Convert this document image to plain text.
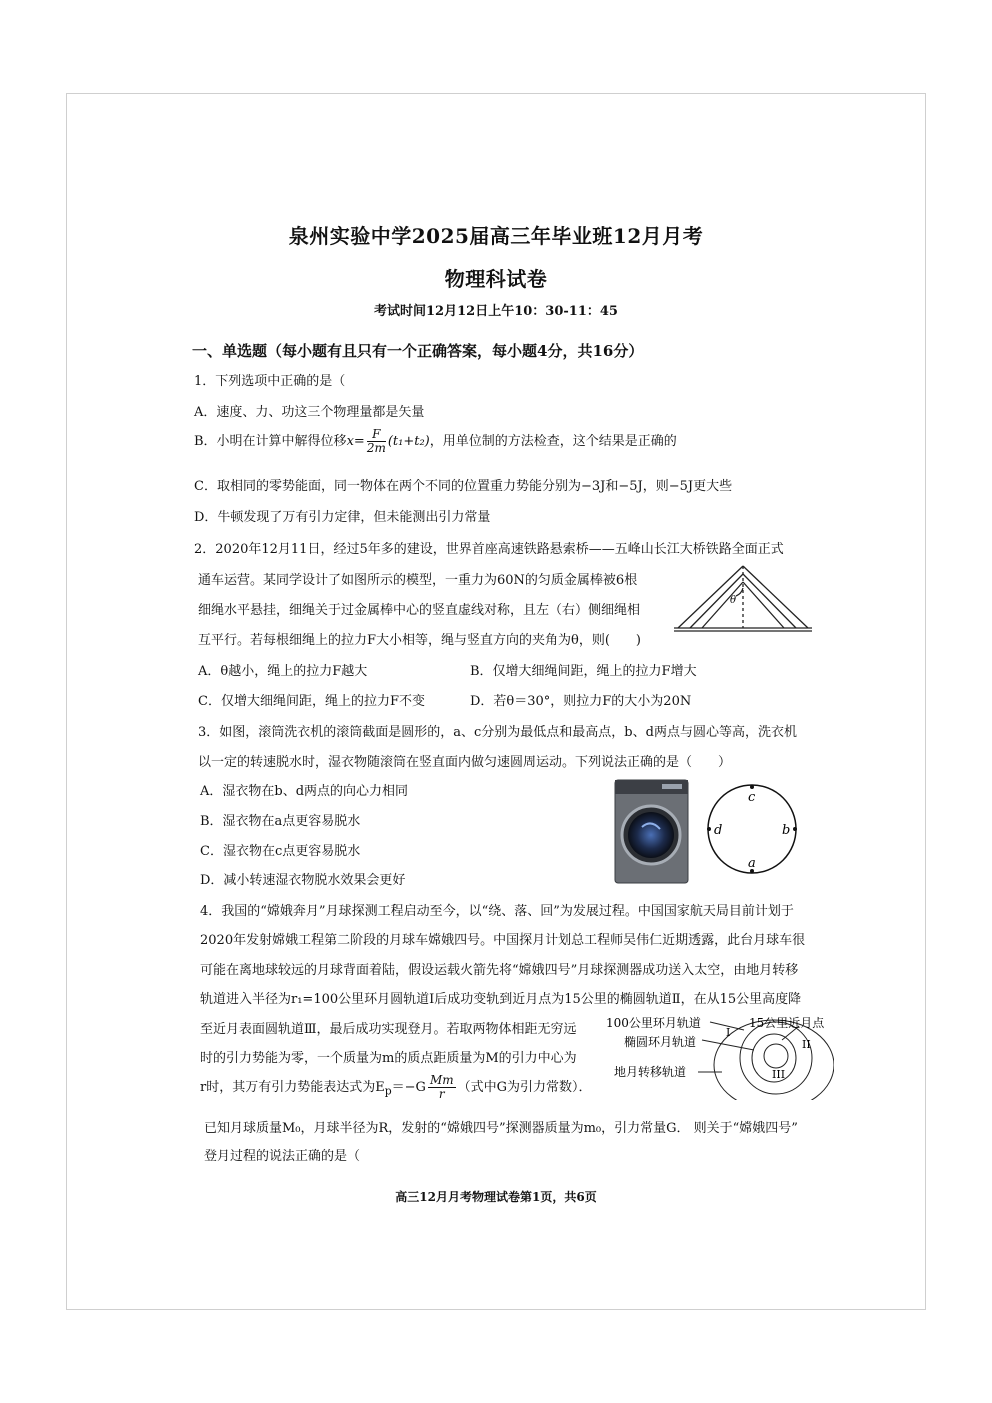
泉州实验中学2025届高三年毕业班12月月考
物理科试卷
考试时间12月12日上午10：30-11：45
一、单选题（每小题有且只有一个正确答案，每小题4分，共16分）
1．下列选项中正确的是（
A．速度、力、功这三个物理量都是矢量
B．小明在计算中解得位移$x= \frac{F}{2m} (t_1+t_2)$，用单位制的方法检查，这个结果是正确的
C．取相同的零势能面，同一物体在两个不同的位置重力势能分别为−3J和−5J，则−5J更大些
D．牛顿发现了万有引力定律，但未能测出引力常量
2．2020年12月11日，经过5年多的建设，世界首座高速铁路悬索桥——五峰山长江大桥铁路全面正式
通车运营。某同学设计了如图所示的模型，一重力为60N的匀质金属棒被6根
细绳水平悬挂，细绳关于过金属棒中心的竖直虚线对称，且左（右）侧细绳相
互平行。若每根细绳上的拉力F大小相等，绳与竖直方向的夹角为θ，则(　　)
θ
A．θ越小，绳上的拉力F越大	B．仅增大细绳间距，绳上的拉力F增大
C．仅增大细绳间距，绳上的拉力F不变	D．若θ＝30°，则拉力F的大小为20N
3．如图，滚筒洗衣机的滚筒截面是圆形的，a、c分别为最低点和最高点，b、d两点与圆心等高，洗衣机
以一定的转速脱水时，湿衣物随滚筒在竖直面内做匀速圆周运动。下列说法正确的是（　　）
A．湿衣物在b、d两点的向心力相同
B．湿衣物在a点更容易脱水
C．湿衣物在c点更容易脱水
D．减小转速湿衣物脱水效果会更好
c
a
d	b
4．我国的“嫦娥奔月”月球探测工程启动至今，以“绕、落、回”为发展过程。中国国家航天局目前计划于
2020年发射嫦娥工程第二阶段的月球车嫦娥四号。中国探月计划总工程师吴伟仁近期透露，此台月球车很
可能在离地球较远的月球背面着陆，假设运载火箭先将“嫦娥四号”月球探测器成功送入太空，由地月转移
轨道进入半径为r₁=100公里环月圆轨道Ⅰ后成功变轨到近月点为15公里的椭圆轨道Ⅱ，在从15公里高度降
至近月表面圆轨道Ⅲ，最后成功实现登月。若取两物体相距无穷远
时的引力势能为零，一个质量为m的质点距质量为M的引力中心为
r时，其万有引力势能表达式为$E_p=-G \frac{Mm}{r}$ （式中G为引力常数）．
已知月球质量M₀，月球半径为R，发射的“嫦娥四号”探测器质量为m₀，引力常量G． 则关于“嫦娥四号”
登月过程的说法正确的是（
100公里环月轨道
椭圆环月轨道
地月转移轨道
15公里近月点
I
II
III
高三12月月考物理试卷第1页，共6页
